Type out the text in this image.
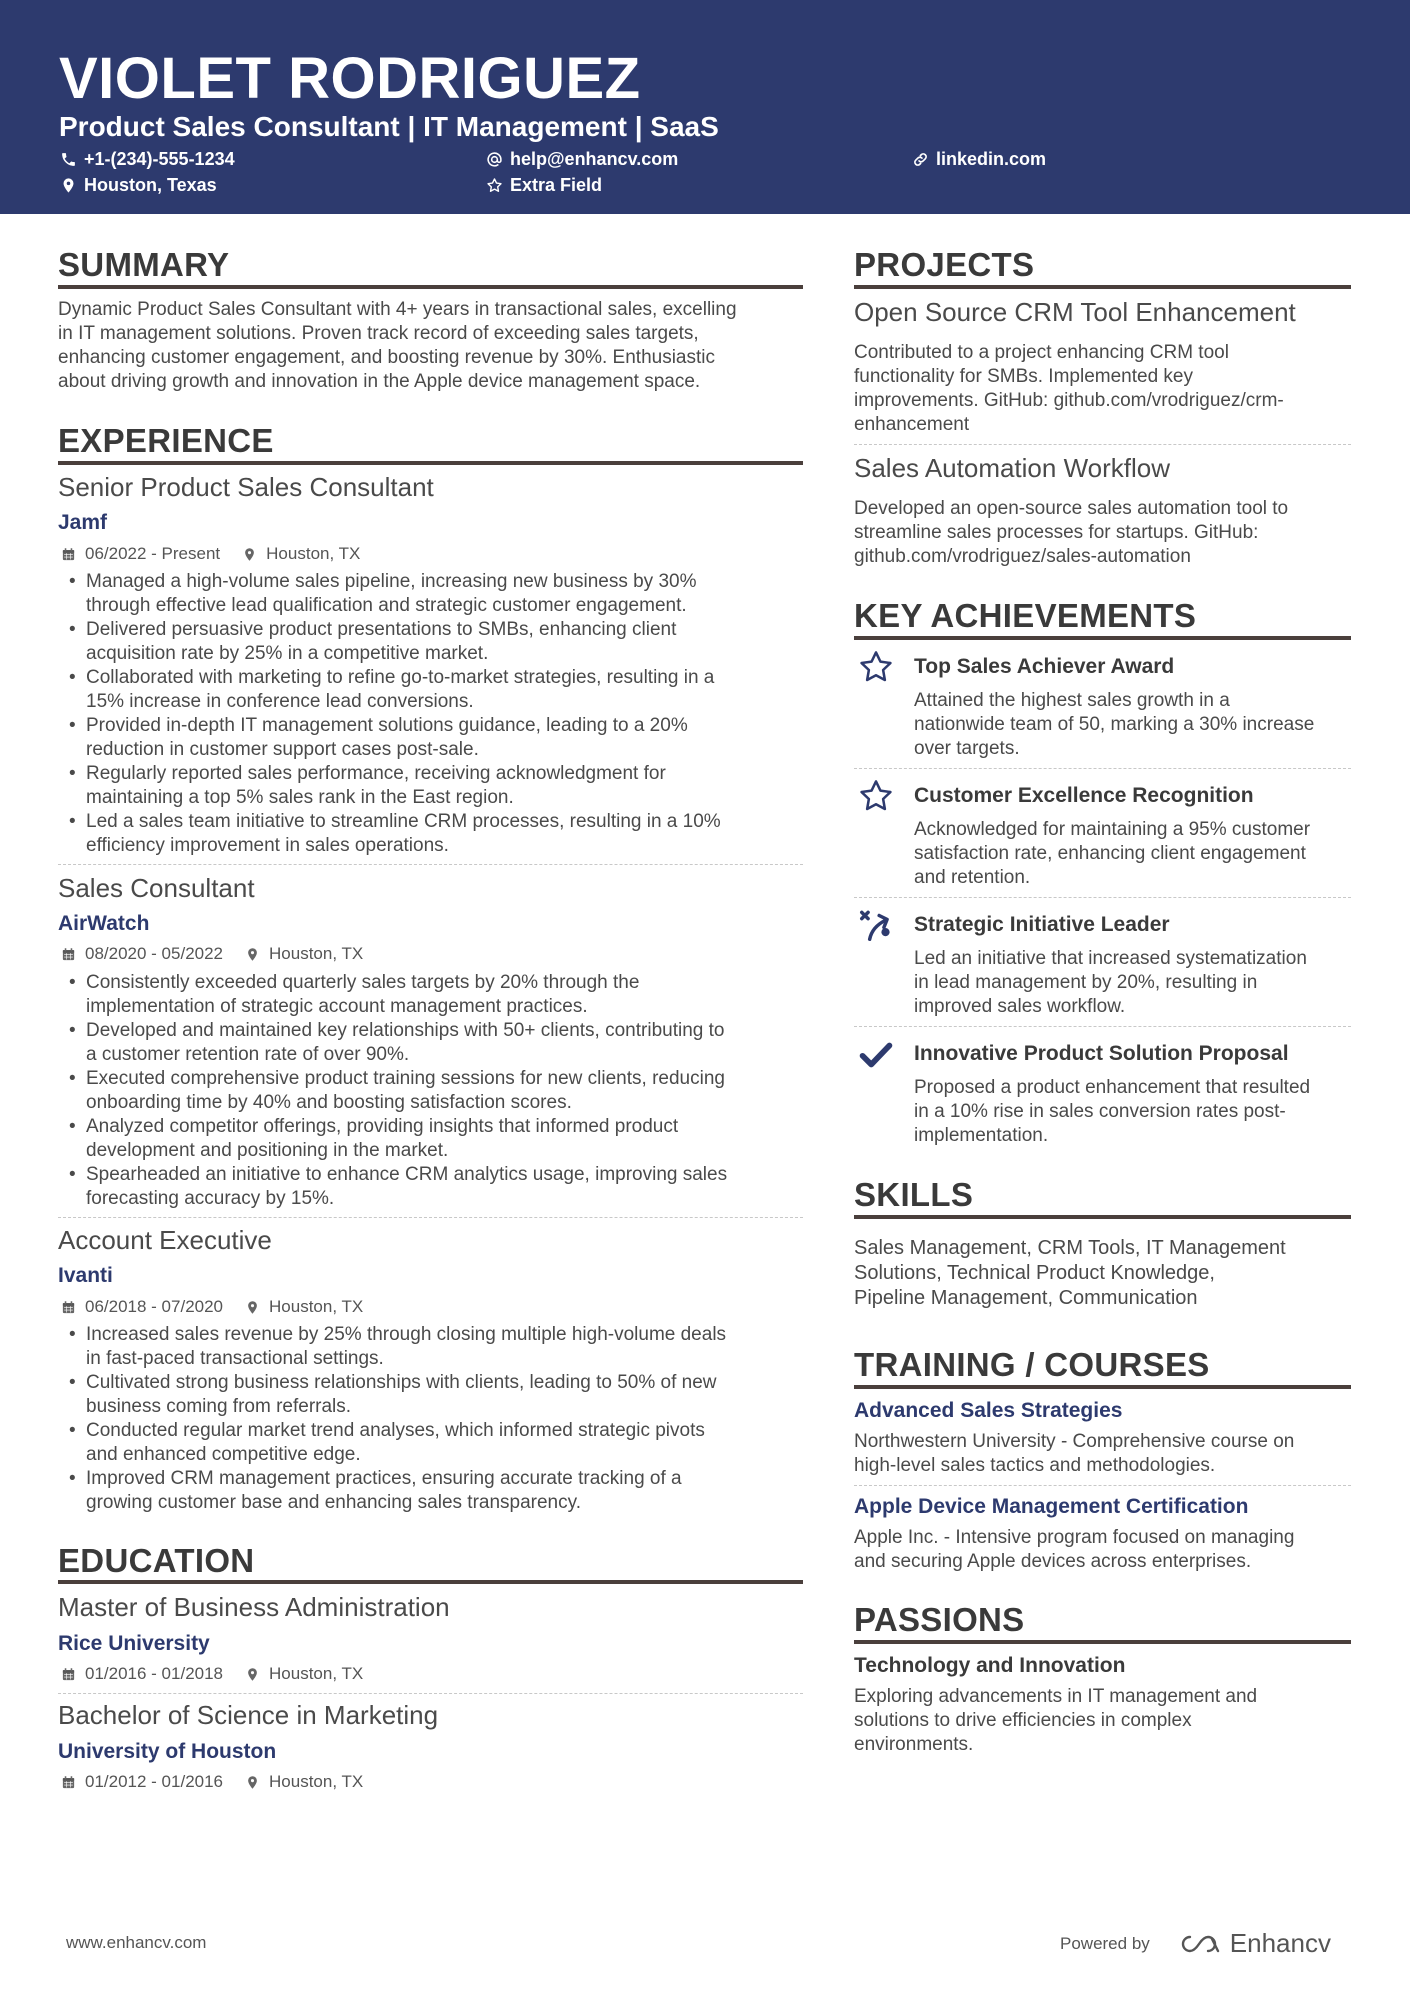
VIOLET RODRIGUEZ
Product Sales Consultant | IT Management | SaaS
+1-(234)-555-1234	help@enhancv.com	linkedin.com
Houston, Texas	Extra Field
SUMMARY
Dynamic Product Sales Consultant with 4+ years in transactional sales, excelling
in IT management solutions. Proven track record of exceeding sales targets,
enhancing customer engagement, and boosting revenue by 30%. Enthusiastic
about driving growth and innovation in the Apple device management space.
EXPERIENCE
Senior Product Sales Consultant
Jamf
06/2022 - Present	Houston, TX
• Managed a high-volume sales pipeline, increasing new business by 30%
through effective lead qualification and strategic customer engagement.
• Delivered persuasive product presentations to SMBs, enhancing client
acquisition rate by 25% in a competitive market.
• Collaborated with marketing to refine go-to-market strategies, resulting in a
15% increase in conference lead conversions.
• Provided in-depth IT management solutions guidance, leading to a 20%
reduction in customer support cases post-sale.
• Regularly reported sales performance, receiving acknowledgment for
maintaining a top 5% sales rank in the East region.
• Led a sales team initiative to streamline CRM processes, resulting in a 10%
efficiency improvement in sales operations.
Sales Consultant
AirWatch
08/2020 - 05/2022	Houston, TX
• Consistently exceeded quarterly sales targets by 20% through the
implementation of strategic account management practices.
• Developed and maintained key relationships with 50+ clients, contributing to
a customer retention rate of over 90%.
• Executed comprehensive product training sessions for new clients, reducing
onboarding time by 40% and boosting satisfaction scores.
• Analyzed competitor offerings, providing insights that informed product
development and positioning in the market.
• Spearheaded an initiative to enhance CRM analytics usage, improving sales
forecasting accuracy by 15%.
Account Executive
Ivanti
06/2018 - 07/2020	Houston, TX
• Increased sales revenue by 25% through closing multiple high-volume deals
in fast-paced transactional settings.
• Cultivated strong business relationships with clients, leading to 50% of new
business coming from referrals.
• Conducted regular market trend analyses, which informed strategic pivots
and enhanced competitive edge.
• Improved CRM management practices, ensuring accurate tracking of a
growing customer base and enhancing sales transparency.
EDUCATION
Master of Business Administration
Rice University
01/2016 - 01/2018	Houston, TX
Bachelor of Science in Marketing
University of Houston
01/2012 - 01/2016	Houston, TX
PROJECTS
Open Source CRM Tool Enhancement
Contributed to a project enhancing CRM tool
functionality for SMBs. Implemented key
improvements. GitHub: github.com/vrodriguez/crm-
enhancement
Sales Automation Workflow
Developed an open-source sales automation tool to
streamline sales processes for startups. GitHub:
github.com/vrodriguez/sales-automation
KEY ACHIEVEMENTS
Top Sales Achiever Award
Attained the highest sales growth in a
nationwide team of 50, marking a 30% increase
over targets.
Customer Excellence Recognition
Acknowledged for maintaining a 95% customer
satisfaction rate, enhancing client engagement
and retention.
Strategic Initiative Leader
Led an initiative that increased systematization
in lead management by 20%, resulting in
improved sales workflow.
Innovative Product Solution Proposal
Proposed a product enhancement that resulted
in a 10% rise in sales conversion rates post-
implementation.
SKILLS
Sales Management, CRM Tools, IT Management
Solutions, Technical Product Knowledge,
Pipeline Management, Communication
TRAINING / COURSES
Advanced Sales Strategies
Northwestern University - Comprehensive course on
high-level sales tactics and methodologies.
Apple Device Management Certification
Apple Inc. - Intensive program focused on managing
and securing Apple devices across enterprises.
PASSIONS
Technology and Innovation
Exploring advancements in IT management and
solutions to drive efficiencies in complex
environments.
www.enhancv.com	Powered by	Enhancv
